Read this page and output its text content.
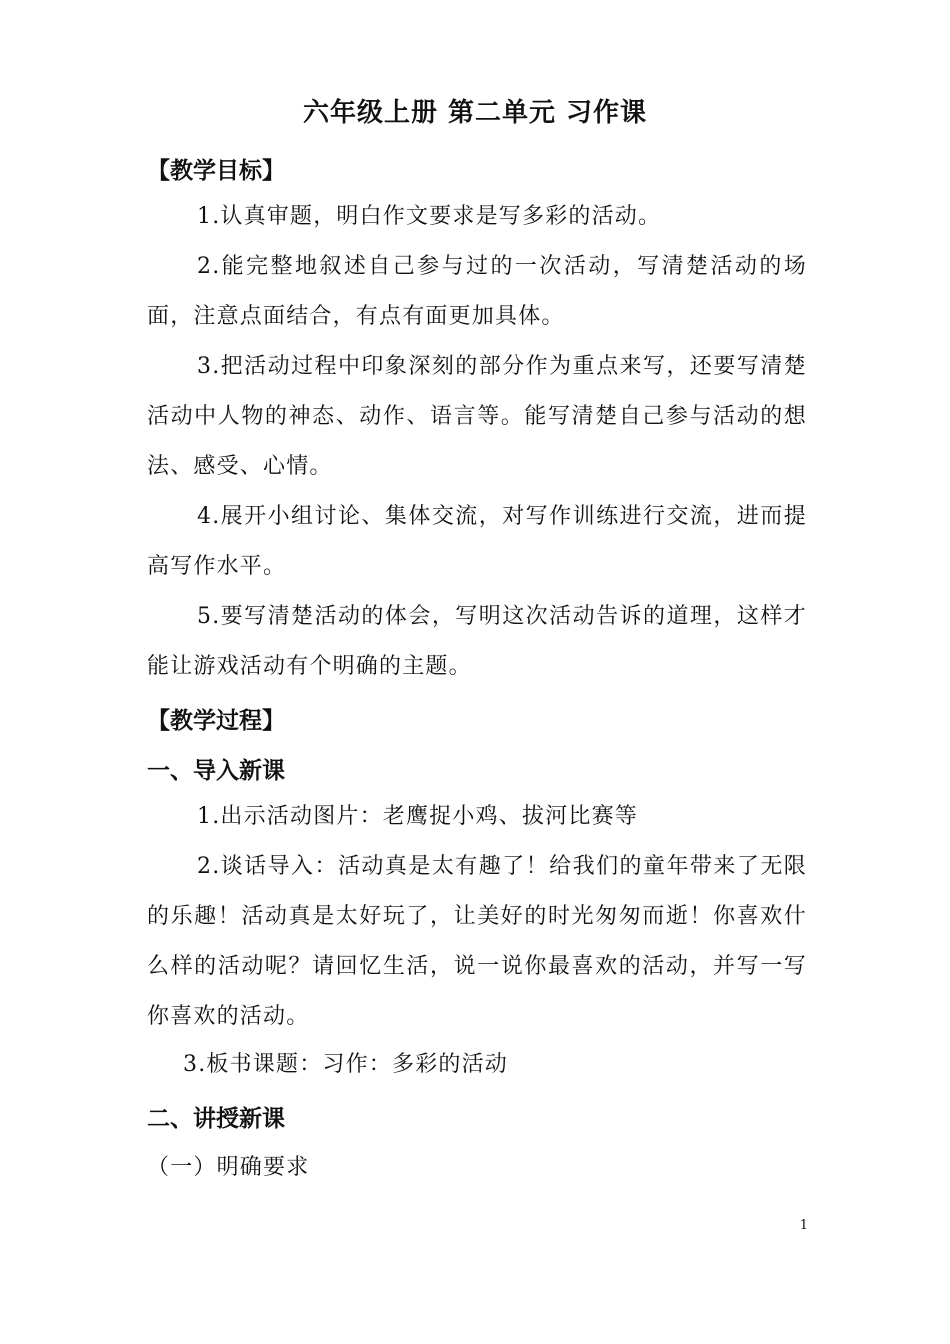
六年级上册 第二单元 习作课
【教学目标】
1.认真审题，明白作文要求是写多彩的活动。
2.能完整地叙述自己参与过的一次活动，写清楚活动的场面，注意点面结合，有点有面更加具体。
3.把活动过程中印象深刻的部分作为重点来写，还要写清楚活动中人物的神态、动作、语言等。能写清楚自己参与活动的想法、感受、心情。
4.展开小组讨论、集体交流，对写作训练进行交流，进而提高写作水平。
5.要写清楚活动的体会，写明这次活动告诉的道理，这样才能让游戏活动有个明确的主题。
【教学过程】
一、导入新课
1.出示活动图片：老鹰捉小鸡、拔河比赛等
2.谈话导入：活动真是太有趣了！给我们的童年带来了无限的乐趣！活动真是太好玩了，让美好的时光匆匆而逝！你喜欢什么样的活动呢？请回忆生活，说一说你最喜欢的活动，并写一写你喜欢的活动。
3.板书课题：习作：多彩的活动
二、讲授新课
（一）明确要求
1
